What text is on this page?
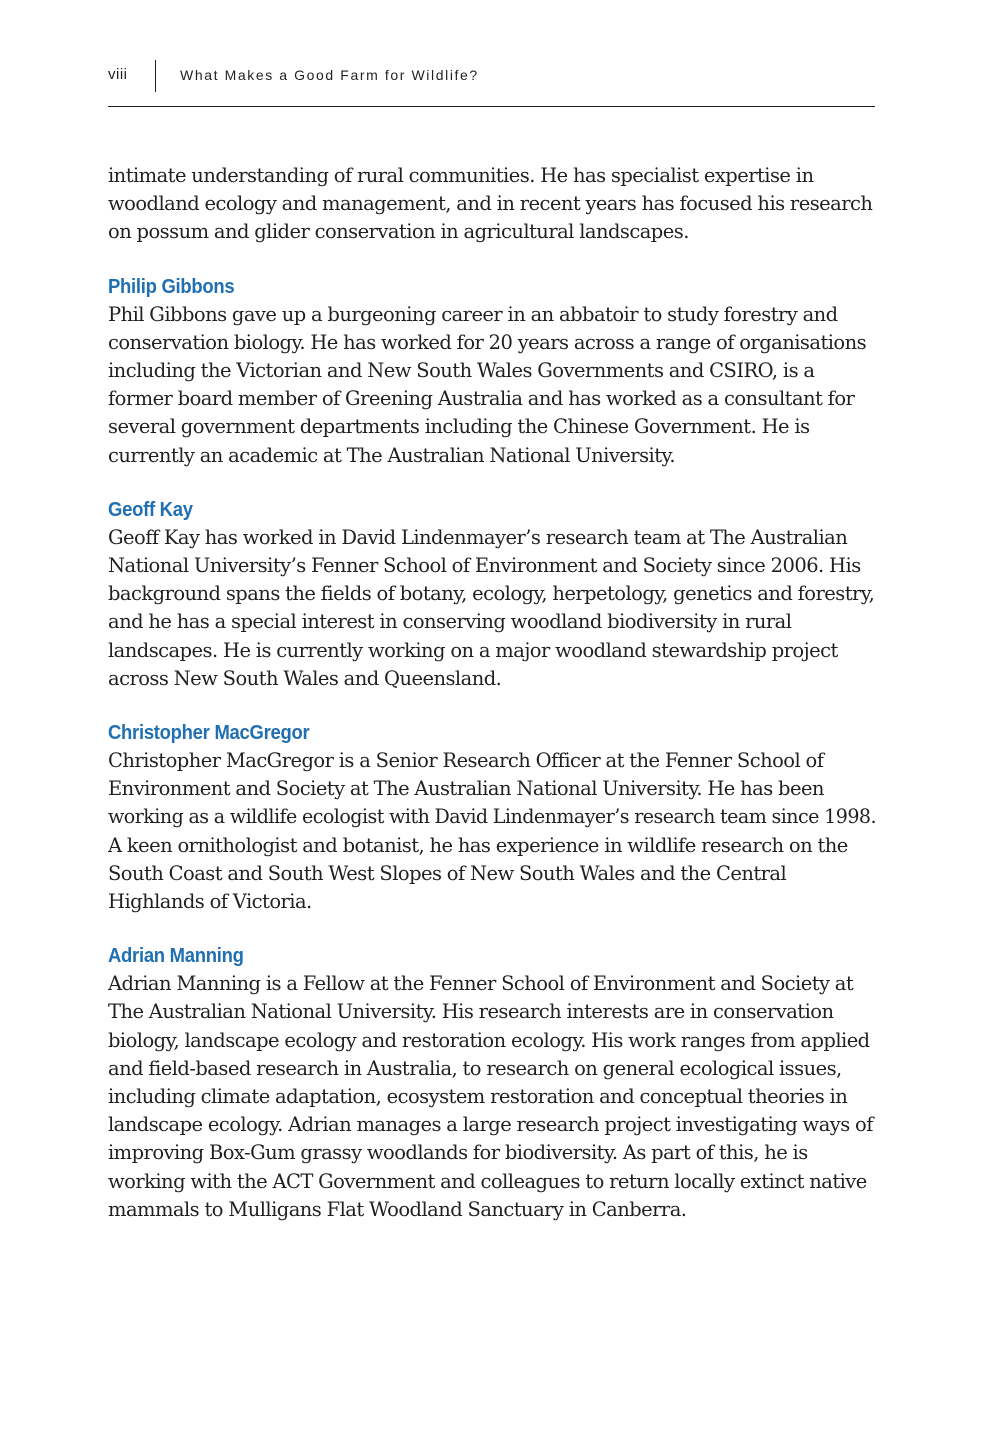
viii	What Makes a Good Farm for Wildlife?

intimate understanding of rural communities. He has specialist expertise in
woodland ecology and management, and in recent years has focused his research
on possum and glider conservation in agricultural landscapes.

Philip Gibbons

Phil Gibbons gave up a burgeoning career in an abbatoir to study forestry and
conservation biology. He has worked for 20 years across a range of organisations
including the Victorian and New South Wales Governments and CSIRO, is a
former board member of Greening Australia and has worked as a consultant for
several government departments including the Chinese Government. He is
currently an academic at The Australian National University.

Geoff Kay

Geoff Kay has worked in David Lindenmayer’s research team at The Australian
National University’s Fenner School of Environment and Society since 2006. His
background spans the fields of botany, ecology, herpetology, genetics and forestry,
and he has a special interest in conserving woodland biodiversity in rural
landscapes. He is currently working on a major woodland stewardship project
across New South Wales and Queensland.

Christopher MacGregor

Christopher MacGregor is a Senior Research Officer at the Fenner School of
Environment and Society at The Australian National University. He has been
working as a wildlife ecologist with David Lindenmayer’s research team since 1998.
A keen ornithologist and botanist, he has experience in wildlife research on the
South Coast and South West Slopes of New South Wales and the Central
Highlands of Victoria.

Adrian Manning

Adrian Manning is a Fellow at the Fenner School of Environment and Society at
The Australian National University. His research interests are in conservation
biology, landscape ecology and restoration ecology. His work ranges from applied
and field-based research in Australia, to research on general ecological issues,
including climate adaptation, ecosystem restoration and conceptual theories in
landscape ecology. Adrian manages a large research project investigating ways of
improving Box-Gum grassy woodlands for biodiversity. As part of this, he is
working with the ACT Government and colleagues to return locally extinct native
mammals to Mulligans Flat Woodland Sanctuary in Canberra.
